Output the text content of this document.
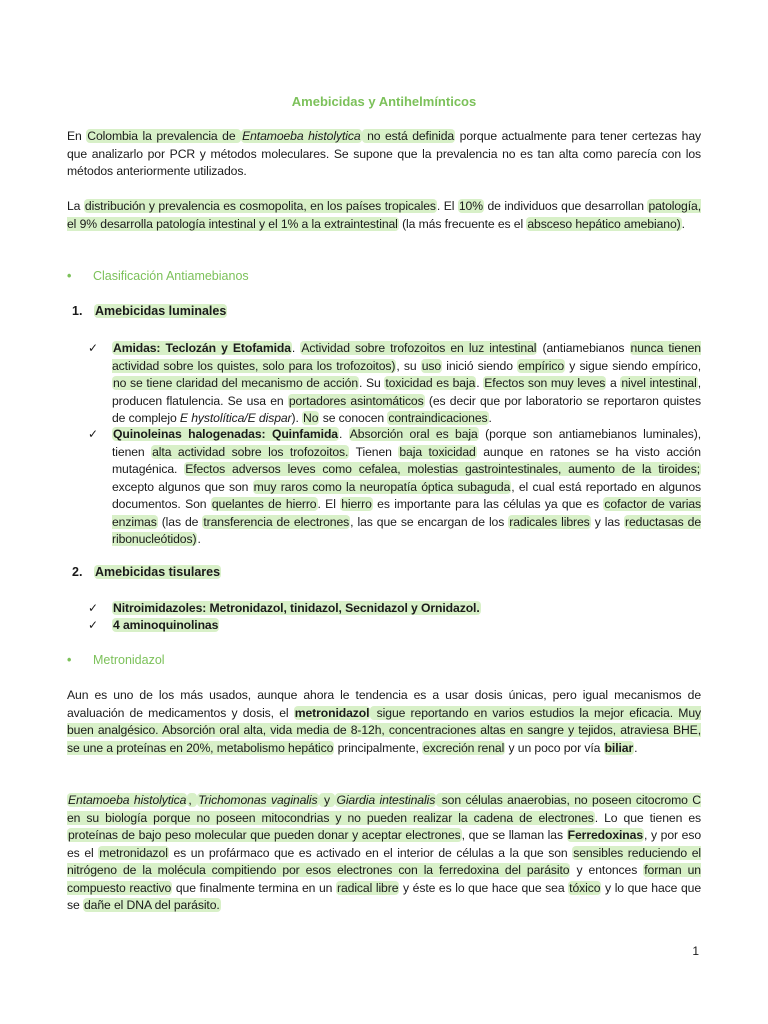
Amebicidas y Antihelmínticos
En Colombia la prevalencia de Entamoeba histolytica no está definida porque actualmente para tener certezas hay que analizarlo por PCR y métodos moleculares. Se supone que la prevalencia no es tan alta como parecía con los métodos anteriormente utilizados.
La distribución y prevalencia es cosmopolita, en los países tropicales. El 10% de individuos que desarrollan patología, el 9% desarrolla patología intestinal y el 1% a la extraintestinal (la más frecuente es el absceso hepático amebiano).
• Clasificación Antiamebianos
1. Amebicidas luminales
✓	Amidas: Teclozán y Etofamida. Actividad sobre trofozoitos en luz intestinal (antiamebianos nunca tienen actividad sobre los quistes, solo para los trofozoitos), su uso inició siendo empírico y sigue siendo empírico, no se tiene claridad del mecanismo de acción. Su toxicidad es baja. Efectos son muy leves a nivel intestinal, producen flatulencia. Se usa en portadores asintomáticos (es decir que por laboratorio se reportaron quistes de complejo E hystolítica/E dispar). No se conocen contraindicaciones.
✓	Quinoleinas halogenadas: Quinfamida. Absorción oral es baja (porque son antiamebianos luminales), tienen alta actividad sobre los trofozoitos. Tienen baja toxicidad aunque en ratones se ha visto acción mutagénica. Efectos adversos leves como cefalea, molestias gastrointestinales, aumento de la tiroides; excepto algunos que son muy raros como la neuropatía óptica subaguda, el cual está reportado en algunos documentos. Son quelantes de hierro. El hierro es importante para las células ya que es cofactor de varias enzimas (las de transferencia de electrones, las que se encargan de los radicales libres y las reductasas de ribonucleótidos).
2. Amebicidas tisulares
✓	Nitroimidazoles: Metronidazol, tinidazol, Secnidazol y Ornidazol.
✓	4 aminoquinolinas
• Metronidazol
Aun es uno de los más usados, aunque ahora le tendencia es a usar dosis únicas, pero igual mecanismos de avaluación de medicamentos y dosis, el metronidazol sigue reportando en varios estudios la mejor eficacia. Muy buen analgésico. Absorción oral alta, vida media de 8-12h, concentraciones altas en sangre y tejidos, atraviesa BHE, se une a proteínas en 20%, metabolismo hepático principalmente, excreción renal y un poco por vía biliar.
Entamoeba histolytica , Trichomonas vaginalis y Giardia intestinalis son células anaerobias, no poseen citocromo C en su biología porque no poseen mitocondrias y no pueden realizar la cadena de electrones. Lo que tienen es proteínas de bajo peso molecular que pueden donar y aceptar electrones, que se llaman las Ferredoxinas, y por eso es el metronidazol es un profármaco que es activado en el interior de células a la que son sensibles reduciendo el nitrógeno de la molécula compitiendo por esos electrones con la ferredoxina del parásito y entonces forman un compuesto reactivo que finalmente termina en un radical libre y éste es lo que hace que sea tóxico y lo que hace que se dañe el DNA del parásito.
1
